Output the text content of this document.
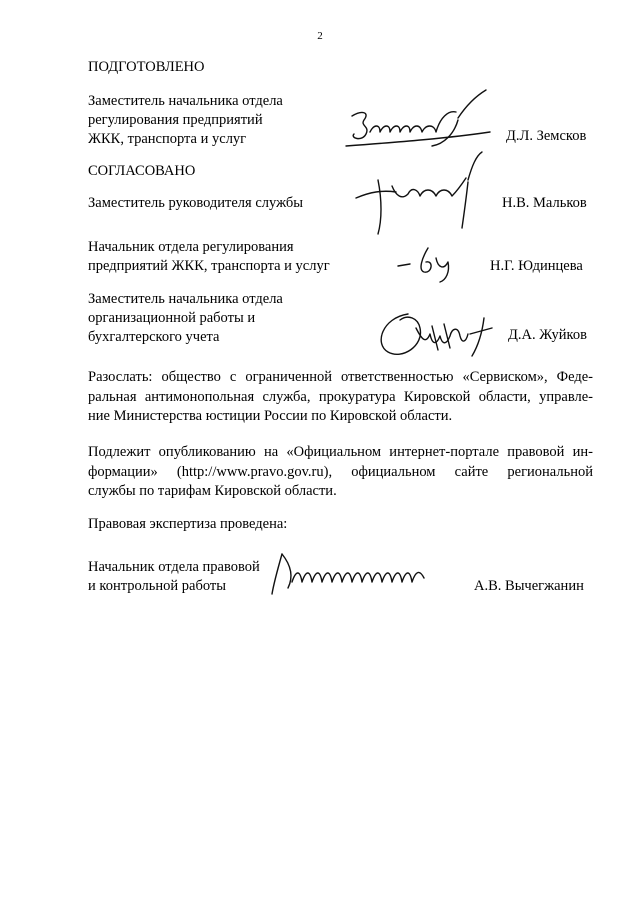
2
ПОДГОТОВЛЕНО
Заместитель начальника отдела
регулирования предприятий
ЖКК, транспорта и услуг	Д.Л. Земсков
СОГЛАСОВАНО
Заместитель руководителя службы	Н.В. Мальков
Начальник отдела регулирования
предприятий ЖКК, транспорта и услуг	Н.Г. Юдинцева
Заместитель начальника отдела
организационной работы и
бухгалтерского учета	Д.А. Жуйков
Разослать: общество с ограниченной ответственностью «Сервиском», Феде-
ральная антимонопольная служба, прокуратура Кировской области, управле-
ние Министерства юстиции России по Кировской области.
Подлежит опубликованию на «Официальном интернет-портале правовой ин-
формации» (http://www.pravo.gov.ru), официальном сайте региональной
службы по тарифам Кировской области.
Правовая экспертиза проведена:
Начальник отдела правовой
и контрольной работы	А.В. Вычегжанин
